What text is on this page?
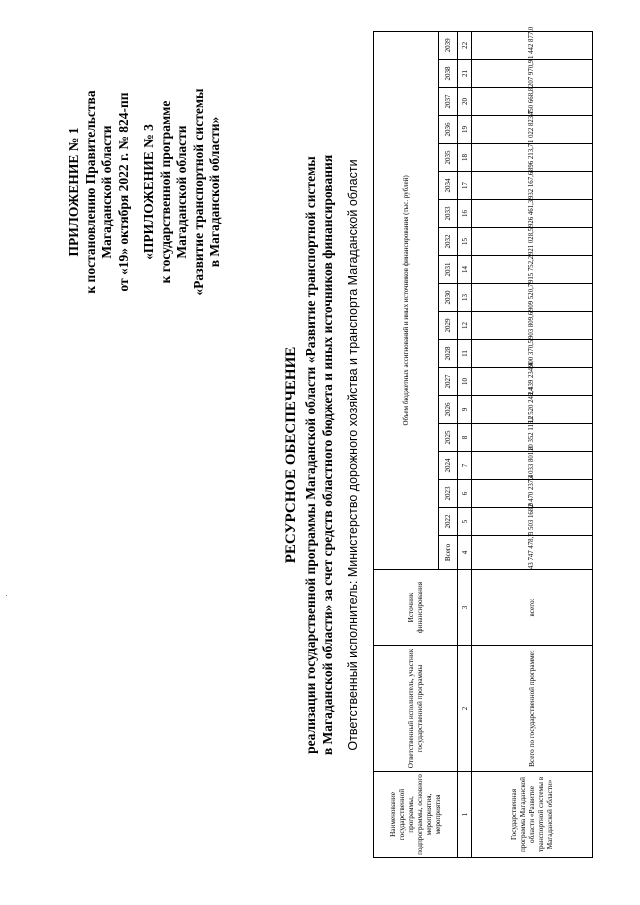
ПРИЛОЖЕНИЕ № 1 к постановлению Правительства Магаданской области от «19» октября 2022 г. № 824-пп «ПРИЛОЖЕНИЕ № 3 к государственной программе Магаданской области «Развитие транспортной системы в Магаданской области»
РЕСУРСНОЕ ОБЕСПЕЧЕНИЕ реализации государственной программы Магаданской области «Развитие транспортной системы в Магаданской области» за счет средств областного бюджета и иных источников финансирования Ответственный исполнитель: Министерство дорожного хозяйства и транспорта Магаданской области
Наименование государственной программы, подпрограммы, основного мероприятия, мероприятия	Ответственный исполнитель, участник государственной программы	Источник финансирования	Объем бюджетных ассигнований и иных источников финансирования (тыс. рублей)																		
			Всего	2022	2023	2024	2025	2026	2027	2028	2029	2030	2031	2032	2033	2034	2035	2036	2037	2038	2039
1	2	3	4	5	6	7	8	9	10	11	12	13	14	15	16	17	18	19	20	21	22
Государственная программа Магаданской области «Развитие транспортной системы в Магаданской области»	Всего по государственной программе:	всего:	43 747 478,7	3 503 168,0	2 470 237,4	3 033 801,8	10 352 119,2	11 520 249,4	2 439 234,4	900 370,5	903 809,6	909 520,7	915 752,2	921 028,5	926 461,3	932 167,6	896 213,7	1 022 823,7	450 668,8	207 970,9	1 442 877,0
